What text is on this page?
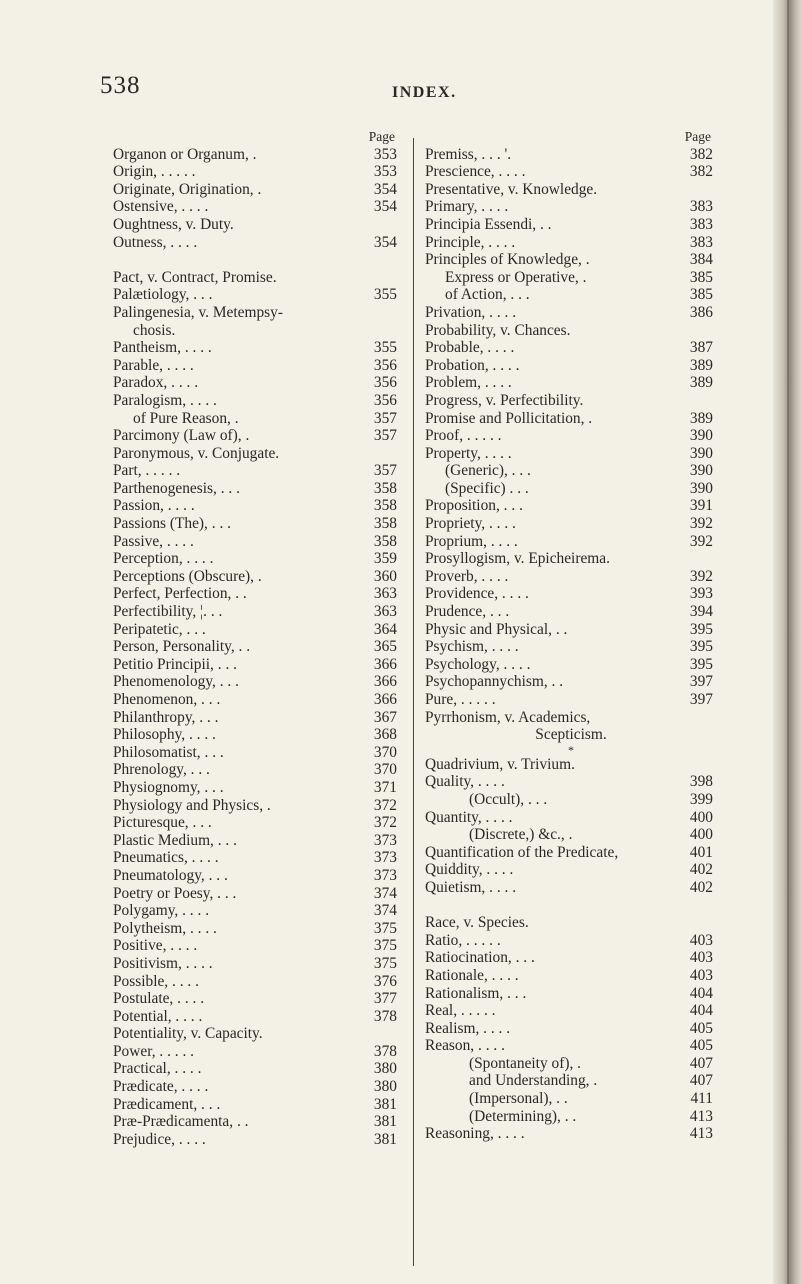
538	INDEX.
Page
Organon or Organum, .	353
Origin, . . . . .	353
Originate, Origination, .	354
Ostensive, . . . .	354
Oughtness, v. Duty.
Outness, . . . .	354
Pact, v. Contract, Promise.
Palætiology, . . .	355
Palingenesia, v. Metempsy-
chosis.
Pantheism, . . . .	355
Parable, . . . .	356
Paradox, . . . .	356
Paralogism, . . . .	356
of Pure Reason, .	357
Parcimony (Law of), .	357
Paronymous, v. Conjugate.
Part, . . . . .	357
Parthenogenesis, . . .	358
Passion, . . . .	358
Passions (The), . . .	358
Passive, . . . .	358
Perception, . . . .	359
Perceptions (Obscure), .	360
Perfect, Perfection, . .	363
Perfectibility, ¦. . .	363
Peripatetic, . . .	364
Person, Personality, . .	365
Petitio Principii, . . .	366
Phenomenology, . . .	366
Phenomenon, . . .	366
Philanthropy, . . .	367
Philosophy, . . . .	368
Philosomatist, . . .	370
Phrenology, . . .	370
Physiognomy, . . .	371
Physiology and Physics, .	372
Picturesque, . . .	372
Plastic Medium, . . .	373
Pneumatics, . . . .	373
Pneumatology, . . .	373
Poetry or Poesy, . . .	374
Polygamy, . . . .	374
Polytheism, . . . .	375
Positive, . . . .	375
Positivism, . . . .	375
Possible, . . . .	376
Postulate, . . . .	377
Potential, . . . .	378
Potentiality, v. Capacity.
Power, . . . . .	378
Practical, . . . .	380
Prædicate, . . . .	380
Prædicament, . . .	381
Præ-Prædicamenta, . .	381
Prejudice, . . . .	381
Page
Premiss, . . . '.	382
Prescience, . . . .	382
Presentative, v. Knowledge.
Primary, . . . .	383
Principia Essendi, . .	383
Principle, . . . .	383
Principles of Knowledge, .	384
Express or Operative, .	385
of Action, . . .	385
Privation, . . . .	386
Probability, v. Chances.
Probable, . . . .	387
Probation, . . . .	389
Problem, . . . .	389
Progress, v. Perfectibility.
Promise and Pollicitation, .	389
Proof, . . . . .	390
Property, . . . .	390
(Generic), . . .	390
(Specific) . . .	390
Proposition, . . .	391
Propriety, . . . .	392
Proprium, . . . .	392
Prosyllogism, v. Epicheirema.
Proverb, . . . .	392
Providence, . . . .	393
Prudence, . . .	394
Physic and Physical, . .	395
Psychism, . . . .	395
Psychology, . . . .	395
Psychopannychism, . .	397
Pure, . . . . .	397
Pyrrhonism, v. Academics,
Scepticism.
*
Quadrivium, v. Trivium.
Quality, . . . .	398
(Occult), . . .	399
Quantity, . . . .	400
(Discrete,) &c., .	400
Quantification of the Predicate,	401
Quiddity, . . . .	402
Quietism, . . . .	402
Race, v. Species.
Ratio, . . . . .	403
Ratiocination, . . .	403
Rationale, . . . .	403
Rationalism, . . .	404
Real, . . . . .	404
Realism, . . . .	405
Reason, . . . .	405
(Spontaneity of), .	407
and Understanding, .	407
(Impersonal), . .	411
(Determining), . .	413
Reasoning, . . . .	413
